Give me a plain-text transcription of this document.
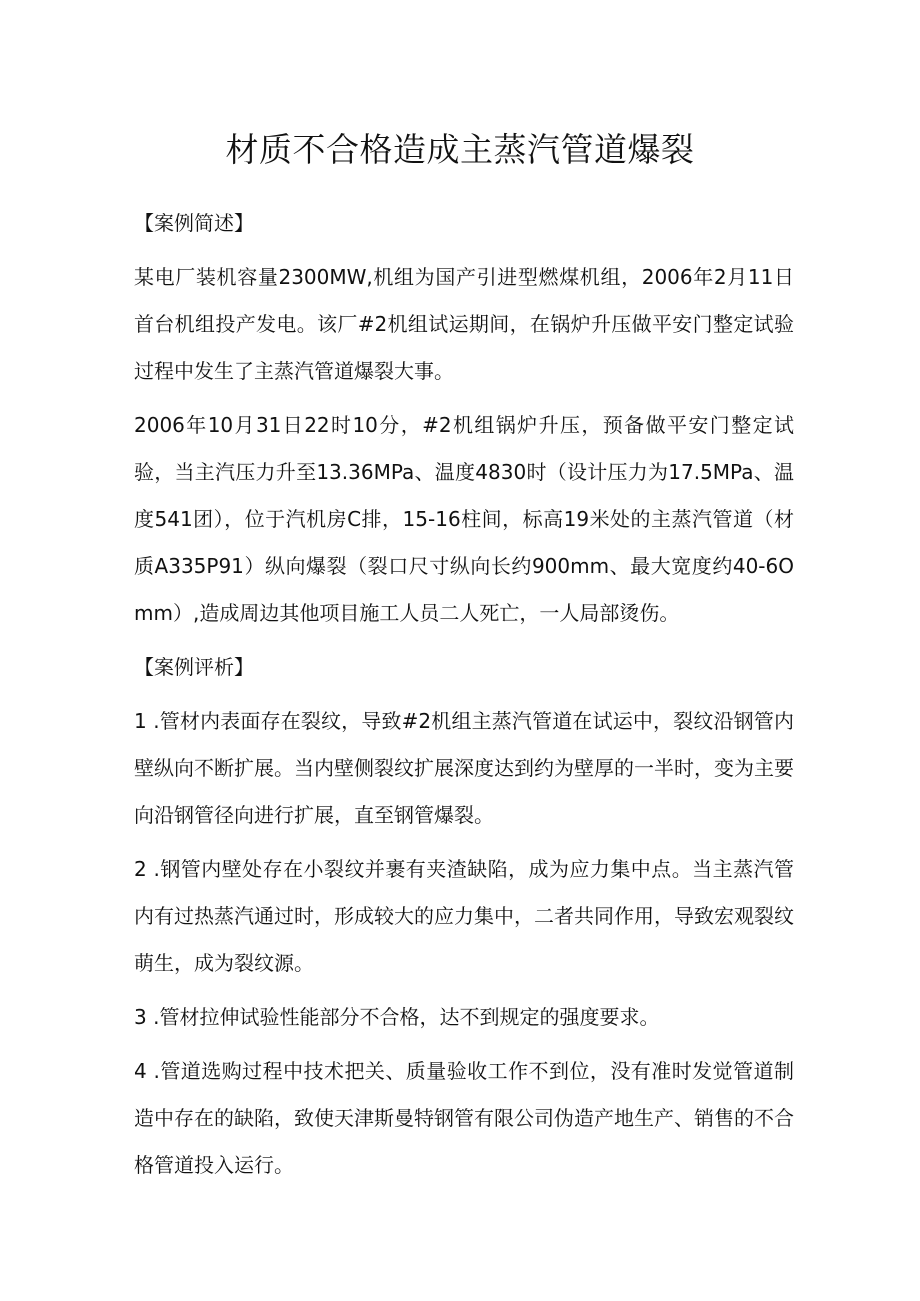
材质不合格造成主蒸汽管道爆裂

【案例简述】

某电厂装机容量2300MW,机组为国产引进型燃煤机组，2006年2月11日首台机组投产发电。该厂#2机组试运期间，在锅炉升压做平安门整定试验过程中发生了主蒸汽管道爆裂大事。

2006年10月31日22时10分，#2机组锅炉升压，预备做平安门整定试验，当主汽压力升至13.36MPa、温度4830时（设计压力为17.5MPa、温度541团），位于汽机房C排，15-16柱间，标高19米处的主蒸汽管道（材质A335P91）纵向爆裂（裂口尺寸纵向长约900mm、最大宽度约40-6Omm）,造成周边其他项目施工人员二人死亡，一人局部烫伤。

【案例评析】

1 .管材内表面存在裂纹，导致#2机组主蒸汽管道在试运中，裂纹沿钢管内壁纵向不断扩展。当内壁侧裂纹扩展深度达到约为壁厚的一半时，变为主要向沿钢管径向进行扩展，直至钢管爆裂。

2 .钢管内壁处存在小裂纹并裹有夹渣缺陷，成为应力集中点。当主蒸汽管内有过热蒸汽通过时，形成较大的应力集中，二者共同作用，导致宏观裂纹萌生，成为裂纹源。

3 .管材拉伸试验性能部分不合格，达不到规定的强度要求。

4 .管道选购过程中技术把关、质量验收工作不到位，没有准时发觉管道制造中存在的缺陷，致使天津斯曼特钢管有限公司伪造产地生产、销售的不合格管道投入运行。
